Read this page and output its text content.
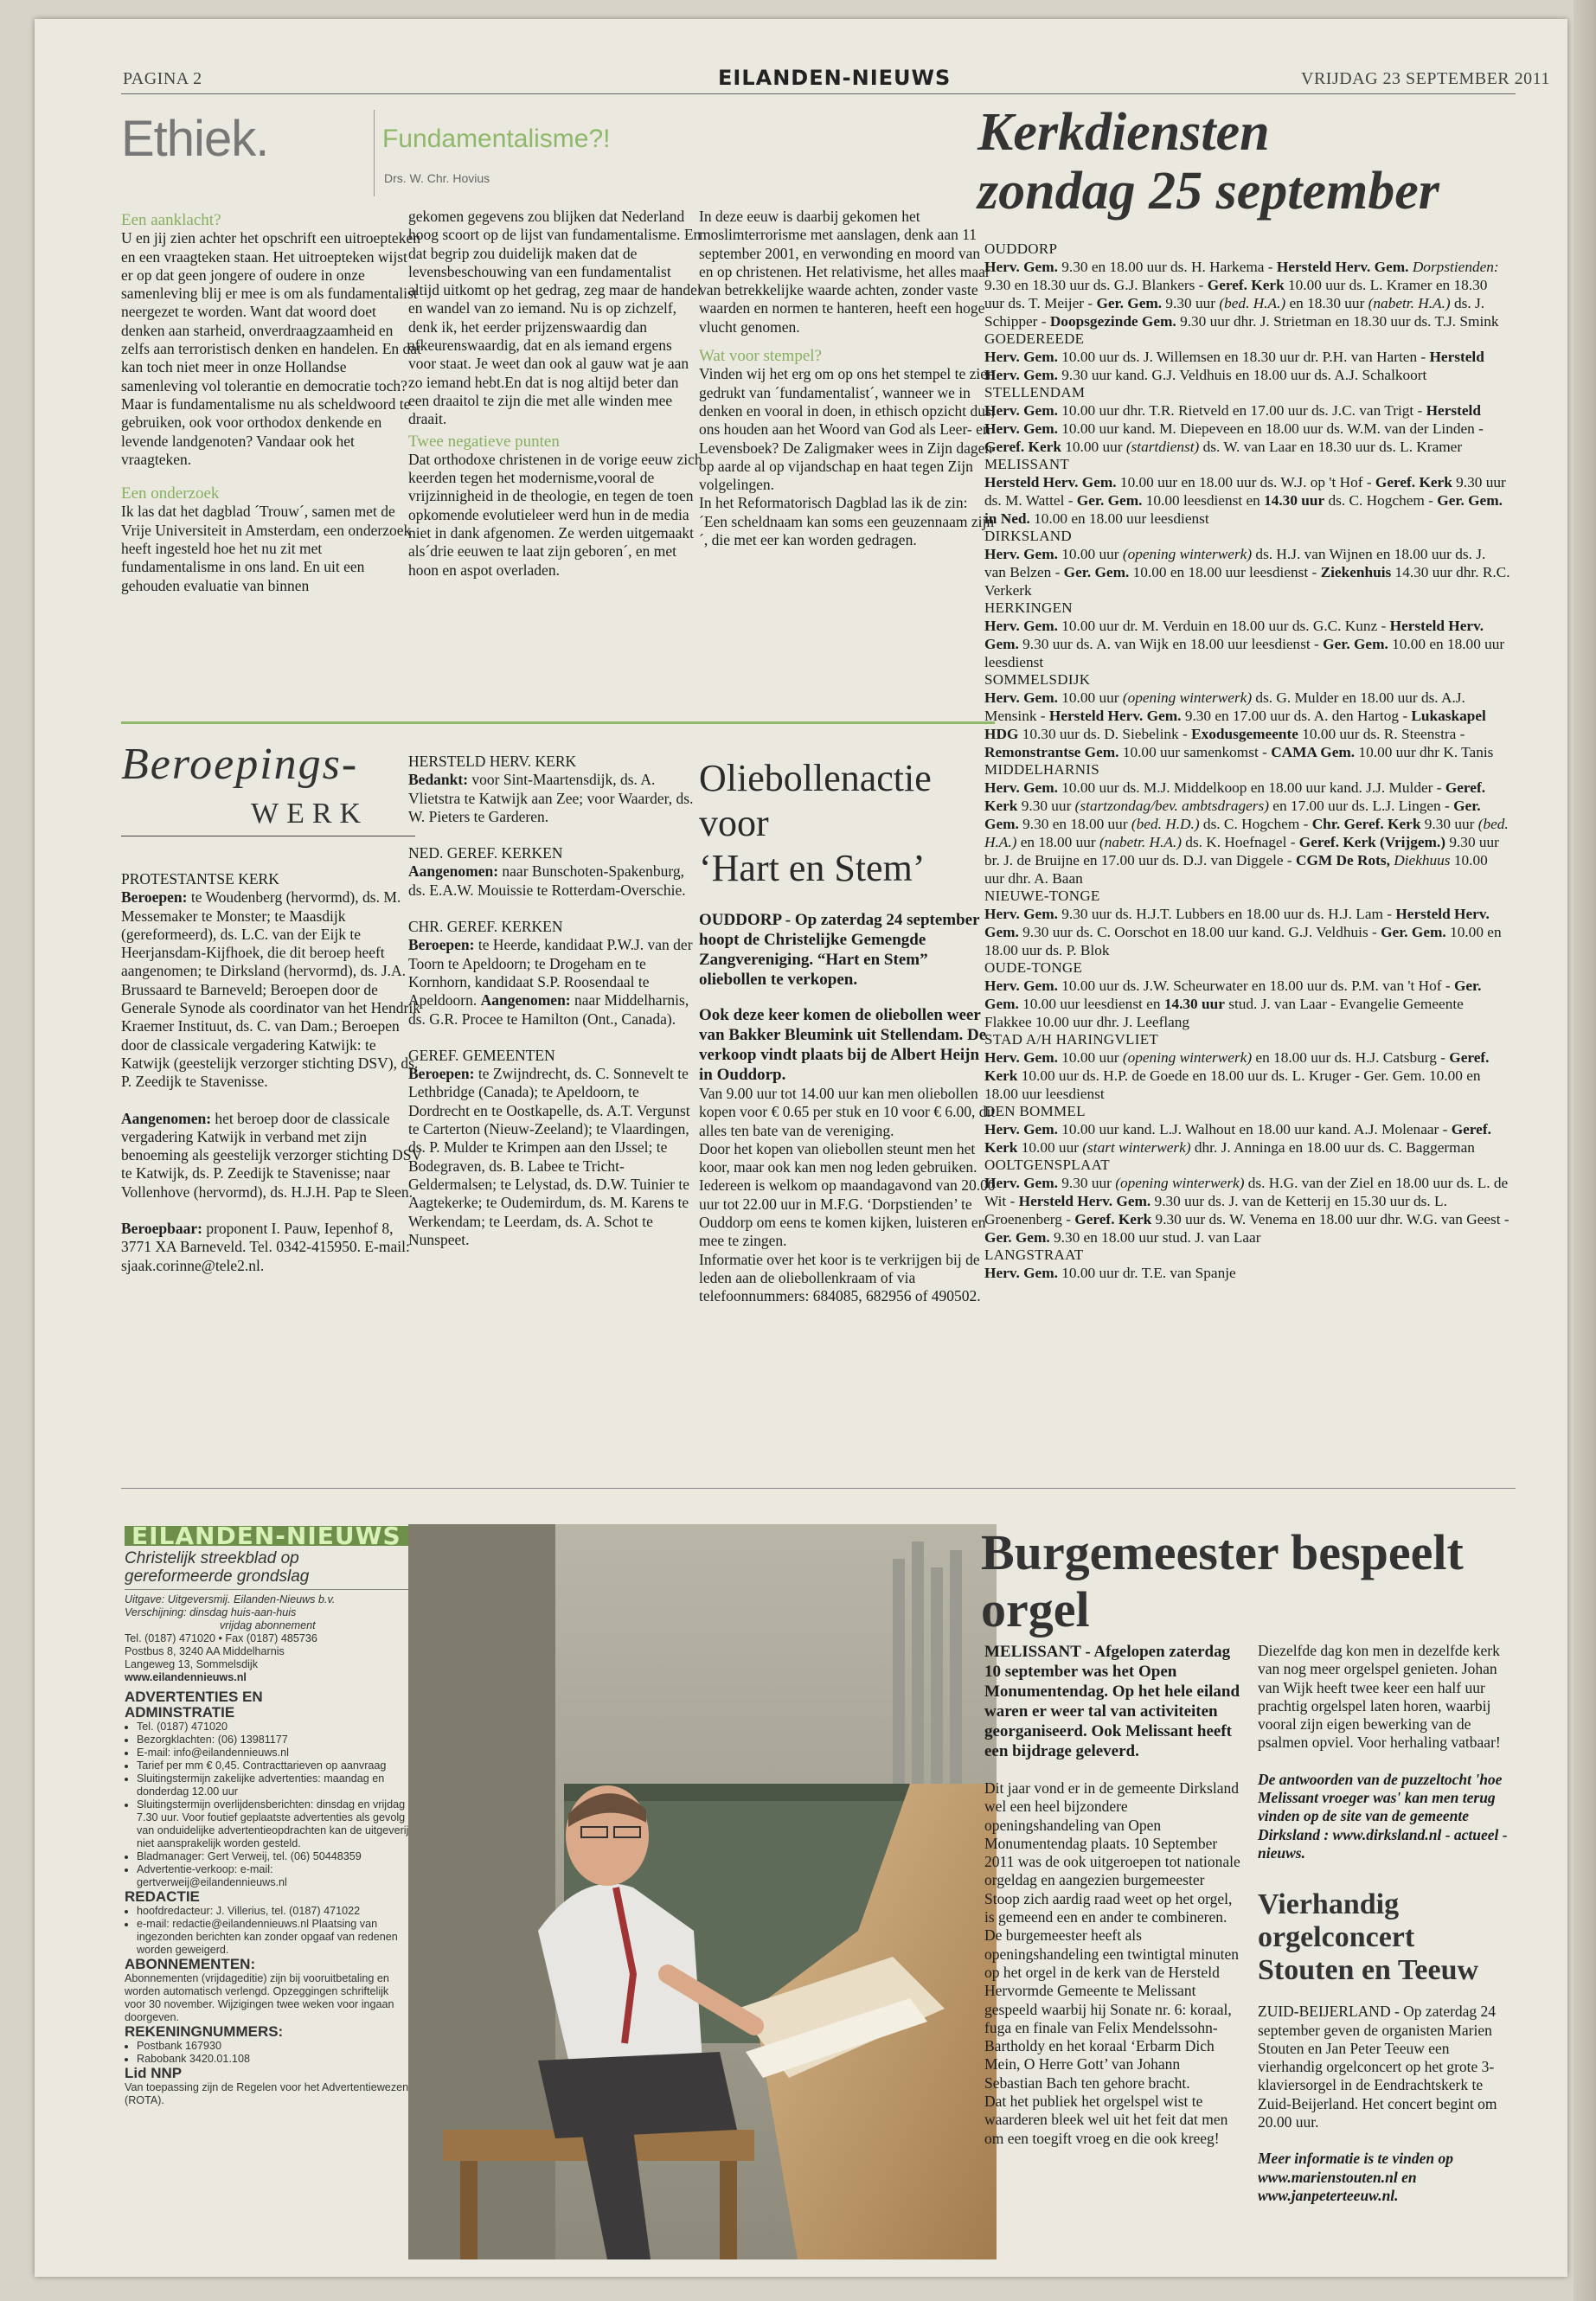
PAGINA 2	EILANDEN-NIEUWS	VRIJDAG 23 SEPTEMBER 2011
Ethiek.	Fundamentalisme?!
Drs. W. Chr. Hovius
Een aanklacht?

U en jij zien achter het opschrift een uitroepteken en een vraagteken staan. Het uitroepteken wijst er op dat geen jongere of oudere in onze samenleving blij er mee is om als fundamentalist neergezet te worden. Want dat woord doet denken aan starheid, onverdraagzaamheid en zelfs aan terroristisch denken en handelen. En dat kan toch niet meer in onze Hollandse samenleving vol tolerantie en democratie toch? Maar is fundamentalisme nu als scheldwoord te gebruiken, ook voor orthodox denkende en levende landgenoten? Vandaar ook het vraagteken.

Een onderzoek

Ik las dat het dagblad ´Trouw´, samen met de Vrije Universiteit in Amsterdam, een onderzoek heeft ingesteld hoe het nu zit met fundamentalisme in ons land. En uit een gehouden evaluatie van binnen

gekomen gegevens zou blijken dat Nederland hoog scoort op de lijst van fundamentalisme. En dat begrip zou duidelijk maken dat de levensbeschouwing van een fundamentalist altijd uitkomt op het gedrag, zeg maar de handel en wandel van zo iemand. Nu is op zichzelf, denk ik, het eerder prijzenswaardig dan afkeurenswaardig, dat en als iemand ergens voor staat. Je weet dan ook al gauw wat je aan zo iemand hebt.En dat is nog altijd beter dan een draaitol te zijn die met alle winden mee draait.

Twee negatieve punten

Dat orthodoxe christenen in de vorige eeuw zich keerden tegen het modernisme,vooral de vrijzinnigheid in de theologie, en tegen de toen opkomende evolutieleer werd hun in de media niet in dank afgenomen. Ze werden uitgemaakt als´drie eeuwen te laat zijn geboren´, en met hoon en aspot overladen.

In deze eeuw is daarbij gekomen het moslimterrorisme met aanslagen, denk aan 11 september 2001, en verwonding en moord van en op christenen. Het relativisme, het alles maar van betrekkelijke waarde achten, zonder vaste waarden en normen te hanteren, heeft een hoge vlucht genomen.

Wat voor stempel?

Vinden wij het erg om op ons het stempel te zien gedrukt van ´fundamentalist´, wanneer we in denken en vooral in doen, in ethisch opzicht dus, ons houden aan het Woord van God als Leer- en Levensboek? De Zaligmaker wees in Zijn dagen op aarde al op vijandschap en haat tegen Zijn volgelingen.

In het Reformatorisch Dagblad las ik de zin: ´Een scheldnaam kan soms een geuzennaam zijn´, die met eer kan worden gedragen.

Kerkdiensten
zondag 25 september
OUDDORP

Herv. Gem. 9.30 en 18.00 uur ds. H. Harkema - Hersteld Herv. Gem. Dorpstienden: 9.30 en 18.30 uur ds. G.J. Blankers - Geref. Kerk 10.00 uur ds. L. Kramer en 18.30 uur ds. T. Meijer - Ger. Gem. 9.30 uur (bed. H.A.) en 18.30 uur (nabetr. H.A.) ds. J. Schipper - Doopsgezinde Gem. 9.30 uur dhr. J. Strietman en 18.30 uur ds. T.J. Smink

GOEDEREEDE

Herv. Gem. 10.00 uur ds. J. Willemsen en 18.30 uur dr. P.H. van Harten - Hersteld Herv. Gem. 9.30 uur kand. G.J. Veldhuis en 18.00 uur ds. A.J. Schalkoort

STELLENDAM

Herv. Gem. 10.00 uur dhr. T.R. Rietveld en 17.00 uur ds. J.C. van Trigt - Hersteld Herv. Gem. 10.00 uur kand. M. Diepeveen en 18.00 uur ds. W.M. van der Linden - Geref. Kerk 10.00 uur (startdienst) ds. W. van Laar en 18.30 uur ds. L. Kramer

MELISSANT

Hersteld Herv. Gem. 10.00 uur en 18.00 uur ds. W.J. op 't Hof - Geref. Kerk 9.30 uur ds. M. Wattel - Ger. Gem. 10.00 leesdienst en 14.30 uur ds. C. Hogchem - Ger. Gem. in Ned. 10.00 en 18.00 uur leesdienst

DIRKSLAND

Herv. Gem. 10.00 uur (opening winterwerk) ds. H.J. van Wijnen en 18.00 uur ds. J. van Belzen - Ger. Gem. 10.00 en 18.00 uur leesdienst - Ziekenhuis 14.30 uur dhr. R.C. Verkerk

HERKINGEN

Herv. Gem. 10.00 uur dr. M. Verduin en 18.00 uur ds. G.C. Kunz - Hersteld Herv. Gem. 9.30 uur ds. A. van Wijk en 18.00 uur leesdienst - Ger. Gem. 10.00 en 18.00 uur leesdienst

SOMMELSDIJK

Herv. Gem. 10.00 uur (opening winterwerk) ds. G. Mulder en 18.00 uur ds. A.J. Mensink - Hersteld Herv. Gem. 9.30 en 17.00 uur ds. A. den Hartog - Lukaskapel HDG 10.30 uur ds. D. Siebelink - Exodusgemeente 10.00 uur ds. R. Steenstra - Remonstrantse Gem. 10.00 uur samenkomst - CAMA Gem. 10.00 uur dhr K. Tanis

MIDDELHARNIS

Herv. Gem. 10.00 uur ds. M.J. Middelkoop en 18.00 uur kand. J.J. Mulder - Geref. Kerk 9.30 uur (startzondag/bev. ambtsdragers) en 17.00 uur ds. L.J. Lingen - Ger. Gem. 9.30 en 18.00 uur (bed. H.D.) ds. C. Hogchem - Chr. Geref. Kerk 9.30 uur (bed. H.A.) en 18.00 uur (nabetr. H.A.) ds. K. Hoefnagel - Geref. Kerk (Vrijgem.) 9.30 uur br. J. de Bruijne en 17.00 uur ds. D.J. van Diggele - CGM De Rots, Diekhuus 10.00 uur dhr. A. Baan

NIEUWE-TONGE

Herv. Gem. 9.30 uur ds. H.J.T. Lubbers en 18.00 uur ds. H.J. Lam - Hersteld Herv. Gem. 9.30 uur ds. C. Oorschot en 18.00 uur kand. G.J. Veldhuis - Ger. Gem. 10.00 en 18.00 uur ds. P. Blok

OUDE-TONGE

Herv. Gem. 10.00 uur ds. J.W. Scheurwater en 18.00 uur ds. P.M. van 't Hof - Ger. Gem. 10.00 uur leesdienst en 14.30 uur stud. J. van Laar - Evangelie Gemeente Flakkee 10.00 uur dhr. J. Leeflang

STAD A/H HARINGVLIET

Herv. Gem. 10.00 uur (opening winterwerk) en 18.00 uur ds. H.J. Catsburg - Geref. Kerk 10.00 uur ds. H.P. de Goede en 18.00 uur ds. L. Kruger - Ger. Gem. 10.00 en 18.00 uur leesdienst

DEN BOMMEL

Herv. Gem. 10.00 uur kand. L.J. Walhout en 18.00 uur kand. A.J. Molenaar - Geref. Kerk 10.00 uur (start winterwerk) dhr. J. Anninga en 18.00 uur ds. C. Baggerman

OOLTGENSPLAAT

Herv. Gem. 9.30 uur (opening winterwerk) ds. H.G. van der Ziel en 18.00 uur ds. L. de Wit - Hersteld Herv. Gem. 9.30 uur ds. J. van de Ketterij en 15.30 uur ds. L. Groenenberg - Geref. Kerk 9.30 uur ds. W. Venema en 18.00 uur dhr. W.G. van Geest - Ger. Gem. 9.30 en 18.00 uur stud. J. van Laar

LANGSTRAAT

Herv. Gem. 10.00 uur dr. T.E. van Spanje

Beroepings-
WERK

PROTESTANTSE KERK

Beroepen: te Woudenberg (hervormd), ds. M. Messemaker te Monster; te Maasdijk (gereformeerd), ds. L.C. van der Eijk te Heerjansdam-Kijfhoek, die dit beroep heeft aangenomen; te Dirksland (hervormd), ds. J.A. Brussaard te Barneveld; Beroepen door de Generale Synode als coordinator van het Hendrik Kraemer Instituut, ds. C. van Dam.; Beroepen door de classicale vergadering Katwijk: te Katwijk (geestelijk verzorger stichting DSV), ds. P. Zeedijk te Stavenisse.

Aangenomen: het beroep door de classicale vergadering Katwijk in verband met zijn benoeming als geestelijk verzorger stichting DSV te Katwijk, ds. P. Zeedijk te Stavenisse; naar Vollenhove (hervormd), ds. H.J.H. Pap te Sleen.

Beroepbaar: proponent I. Pauw, Iepenhof 8, 3771 XA Barneveld. Tel. 0342-415950. E-mail: sjaak.corinne@tele2.nl.

HERSTELD HERV. KERK

Bedankt: voor Sint-Maartensdijk, ds. A. Vlietstra te Katwijk aan Zee; voor Waarder, ds. W. Pieters te Garderen.

NED. GEREF. KERKEN

Aangenomen: naar Bunschoten-Spakenburg, ds. E.A.W. Mouissie te Rotterdam-Overschie.

CHR. GEREF. KERKEN

Beroepen: te Heerde, kandidaat P.W.J. van der Toorn te Apeldoorn; te Drogeham en te Kornhorn, kandidaat S.P. Roosendaal te Apeldoorn. Aangenomen: naar Middelharnis, ds. G.R. Procee te Hamilton (Ont., Canada).

GEREF. GEMEENTEN

Beroepen: te Zwijndrecht, ds. C. Sonnevelt te Lethbridge (Canada); te Apeldoorn, te Dordrecht en te Oostkapelle, ds. A.T. Vergunst te Carterton (Nieuw-Zeeland); te Vlaardingen, ds. P. Mulder te Krimpen aan den IJssel; te Bodegraven, ds. B. Labee te Tricht-Geldermalsen; te Lelystad, ds. D.W. Tuinier te Aagtekerke; te Oudemirdum, ds. M. Karens te Werkendam; te Leerdam, ds. A. Schot te Nunspeet.

Oliebollenactie
voor
‘Hart en Stem’

OUDDORP - Op zaterdag 24 september hoopt de Christelijke Gemengde Zangvereniging. “Hart en Stem” oliebollen te verkopen.

Ook deze keer komen de oliebollen weer van Bakker Bleumink uit Stellendam. De verkoop vindt plaats bij de Albert Heijn in Ouddorp.

Van 9.00 uur tot 14.00 uur kan men oliebollen kopen voor € 0.65 per stuk en 10 voor € 6.00, dit alles ten bate van de vereniging.

Door het kopen van oliebollen steunt men het koor, maar ook kan men nog leden gebruiken. Iedereen is welkom op maandagavond van 20.00 uur tot 22.00 uur in M.F.G. ‘Dorpstienden’ te Ouddorp om eens te komen kijken, luisteren en mee te zingen.

Informatie over het koor is te verkrijgen bij de leden aan de oliebollenkraam of via telefoonnummers: 684085, 682956 of 490502.

EILANDEN-NIEUWS
Christelijk streekblad op
gereformeerde grondslag
Uitgave: Uitgeversmij. Eilanden-Nieuws b.v.
Verschijning: dinsdag huis-aan-huis
vrijdag abonnement
Tel. (0187) 471020 • Fax (0187) 485736
Postbus 8, 3240 AA Middelharnis
Langeweg 13, Sommelsdijk
www.eilandennieuws.nl
ADVERTENTIES EN
ADMINSTRATIE
• Tel. (0187) 471020
• Bezorgklachten: (06) 13981177
• E-mail: info@eilandennieuws.nl
• Tarief per mm € 0,45. Contracttarieven op aanvraag
• Sluitingstermijn zakelijke advertenties: maandag en donderdag 12.00 uur
• Sluitingstermijn overlijdensberichten: dinsdag en vrijdag 7.30 uur. Voor foutief geplaatste advertenties als gevolg van onduidelijke advertentieopdrachten kan de uitgeverij niet aansprakelijk worden gesteld.
• Bladmanager: Gert Verweij, tel. (06) 50448359
• Advertentie-verkoop: e-mail: gertverweij@eilandennieuws.nl
REDACTIE
• hoofdredacteur: J. Villerius, tel. (0187) 471022
• e-mail: redactie@eilandennieuws.nl Plaatsing van ingezonden berichten kan zonder opgaaf van redenen worden geweigerd.
ABONNEMENTEN:
Abonnementen (vrijdageditie) zijn bij vooruitbetaling en worden automatisch verlengd. Opzeggingen schriftelijk voor 30 november. Wijzigingen twee weken voor ingaan doorgeven.
REKENINGNUMMERS:
• Postbank 167930
• Rabobank 3420.01.108
Lid NNP
Van toepassing zijn de Regelen voor het Advertentiewezen (ROTA).
Burgemeester bespeelt
orgel

MELISSANT - Afgelopen zaterdag 10 september was het Open Monumentendag. Op het hele eiland waren er weer tal van activiteiten georganiseerd. Ook Melissant heeft een bijdrage geleverd.

Dit jaar vond er in de gemeente Dirksland wel een heel bijzondere openingshandeling van Open Monumentendag plaats. 10 September 2011 was de ook uitgeroepen tot nationale orgeldag en aangezien burgemeester Stoop zich aardig raad weet op het orgel, is gemeend een en ander te combineren.

De burgemeester heeft als openingshandeling een twintigtal minuten op het orgel in de kerk van de Hersteld Hervormde Gemeente te Melissant gespeeld waarbij hij Sonate nr. 6: koraal, fuga en finale van Felix Mendelssohn-Bartholdy en het koraal ‘Erbarm Dich Mein, O Herre Gott’ van Johann Sebastian Bach ten gehore bracht.

Dat het publiek het orgelspel wist te waarderen bleek wel uit het feit dat men om een toegift vroeg en die ook kreeg!

Diezelfde dag kon men in dezelfde kerk van nog meer orgelspel genieten. Johan van Wijk heeft twee keer een half uur prachtig orgelspel laten horen, waarbij vooral zijn eigen bewerking van de psalmen opviel. Voor herhaling vatbaar!

De antwoorden van de puzzeltocht 'hoe Melissant vroeger was' kan men terug vinden op de site van de gemeente Dirksland : www.dirksland.nl - actueel - nieuws.

Vierhandig
orgelconcert
Stouten en Teeuw

ZUID-BEIJERLAND - Op zaterdag 24 september geven de organisten Marien Stouten en Jan Peter Teeuw een vierhandig orgelconcert op het grote 3-klaviersorgel in de Eendrachtskerk te Zuid-Beijerland. Het concert begint om 20.00 uur.

Meer informatie is te vinden op www.marienstouten.nl en www.janpeterteeuw.nl.
